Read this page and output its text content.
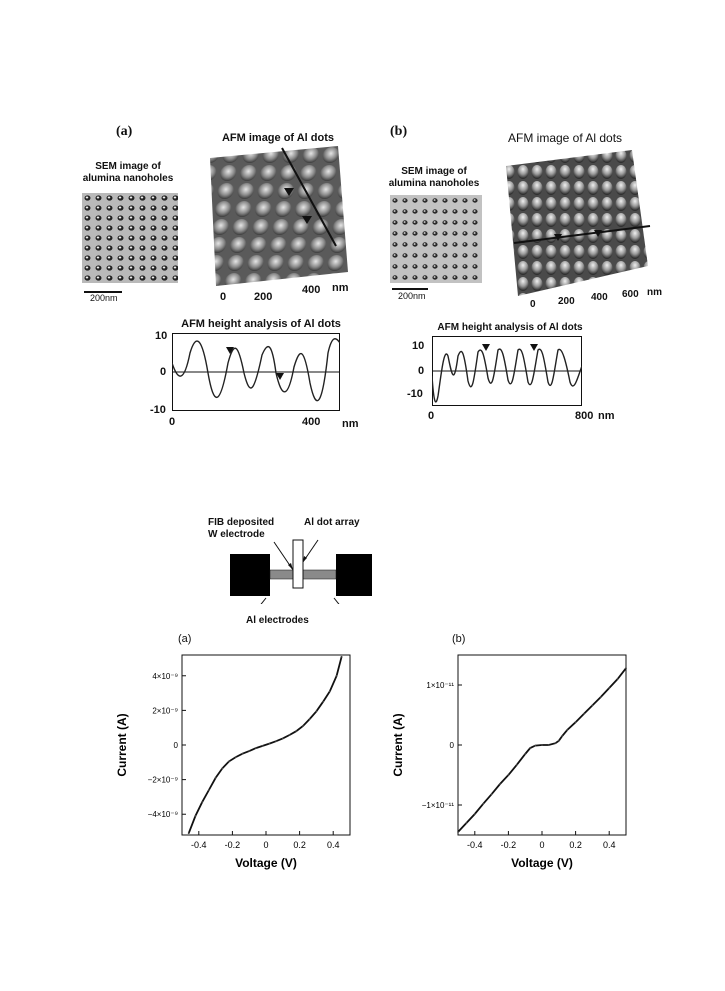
(a)
SEM image of
alumina nanoholes
200nm
AFM image of Al dots
0	200
400 nm
AFM height analysis of Al dots
10
0
-10
0	400 nm
(b)
SEM image of
alumina nanoholes
200nm
AFM image of Al dots
0 200 400 600 nm
AFM height analysis of Al dots
10
0
-10
0	800 nm
FIB deposited
W electrode
Al dot array
Al electrodes
(a)	(b)
-0.4 -0.2	0	0.2 0.4
4×10⁻⁹
2×10⁻⁹
0
−2×10⁻⁹
−4×10⁻⁹
Voltage (V)
Current (A)
-0.4 -0.2	0	0.2 0.4
1×10⁻¹¹
0
−1×10⁻¹¹
Voltage (V)
Current (A)
